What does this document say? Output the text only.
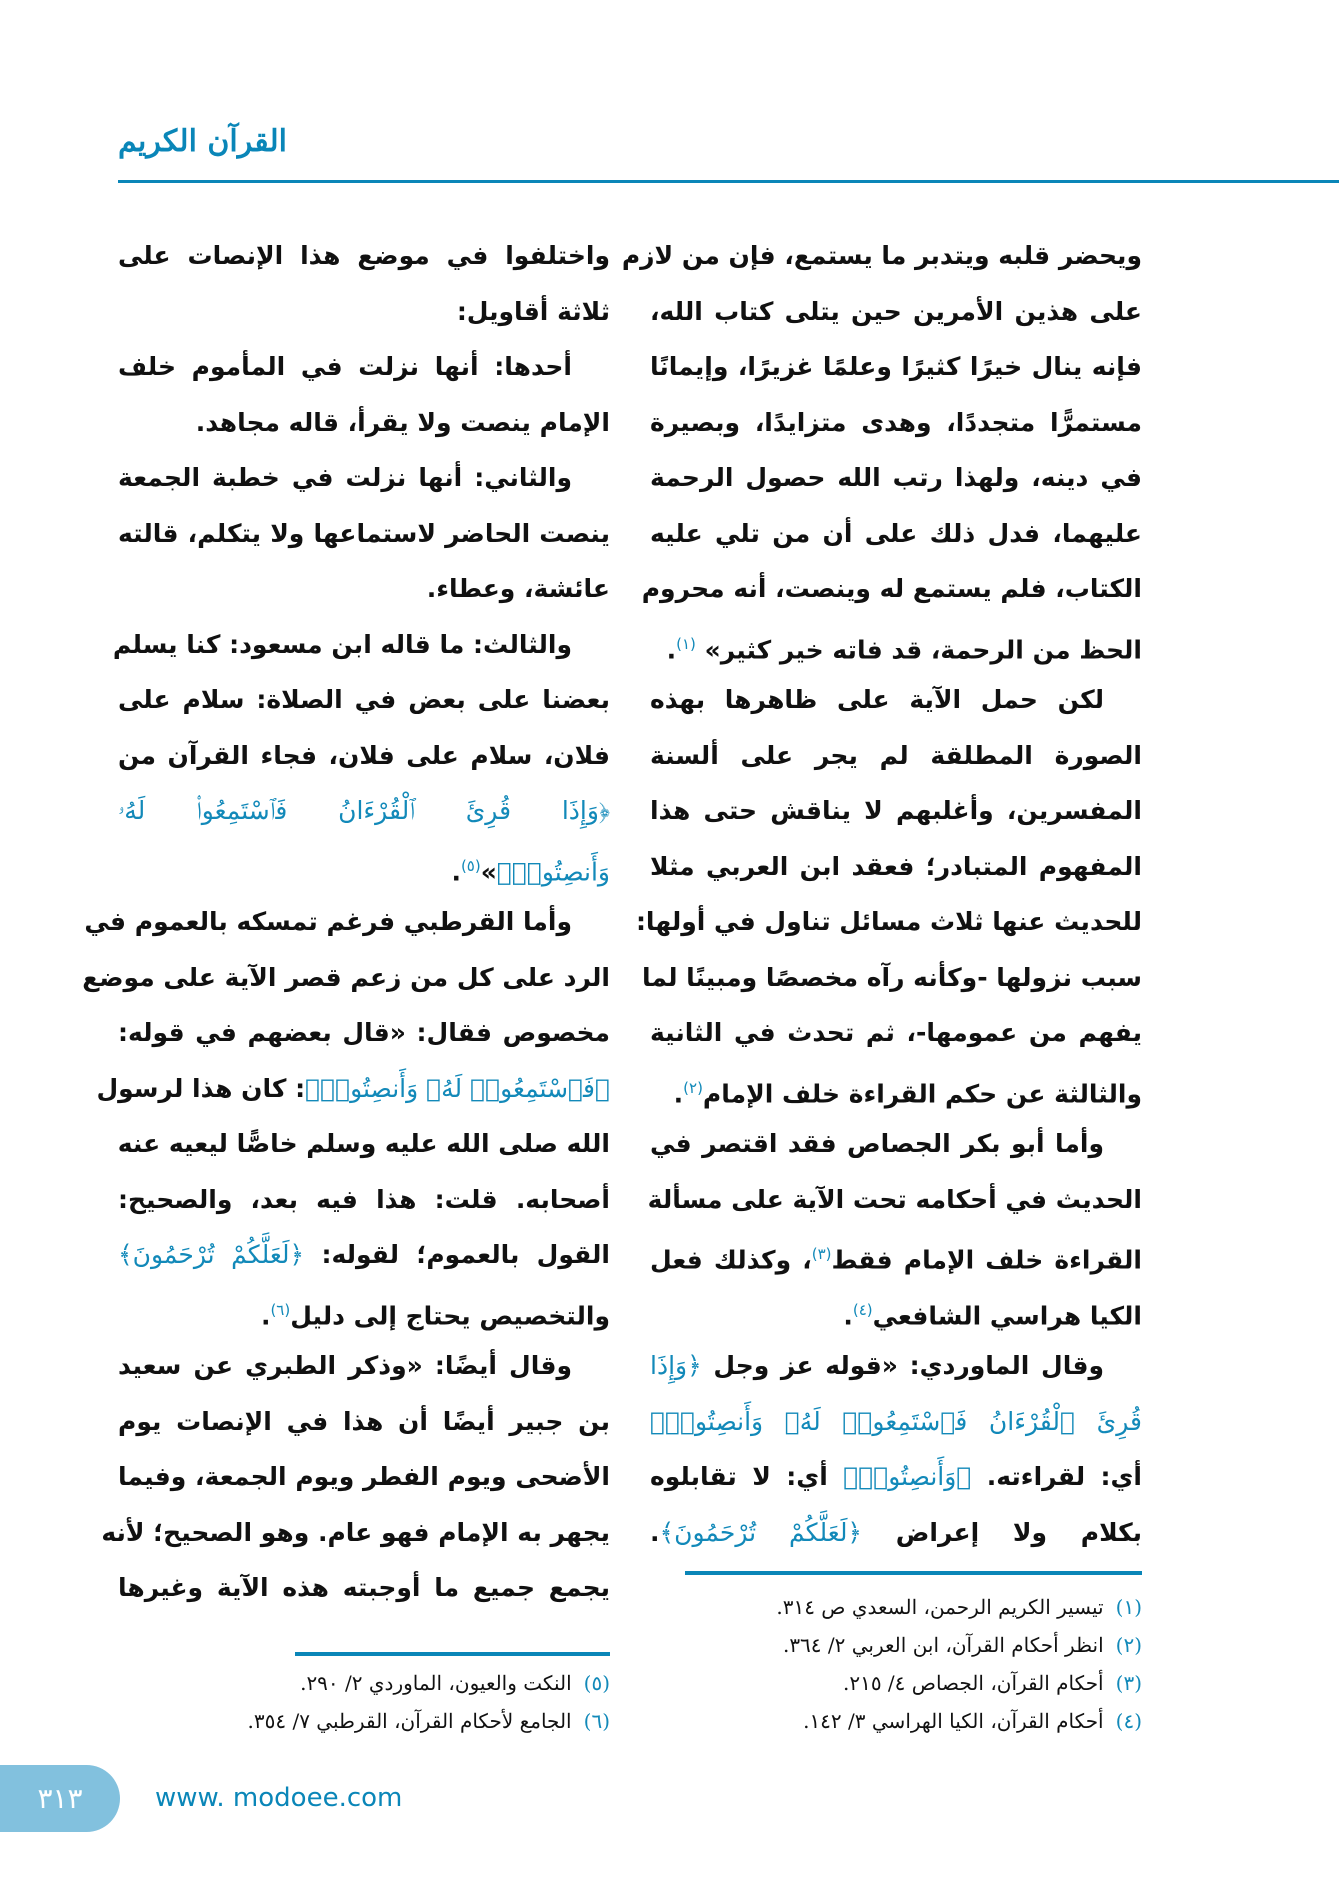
القرآن الكريم
ويحضر قلبه ويتدبر ما يستمع، فإن من لازم
على هذين الأمرين حين يتلى كتاب الله،
فإنه ينال خيرًا كثيرًا وعلمًا غزيرًا، وإيمانًا
مستمرًّا متجددًا، وهدى متزايدًا، وبصيرة
في دينه، ولهذا رتب الله حصول الرحمة
عليهما، فدل ذلك على أن من تلي عليه
الكتاب، فلم يستمع له وينصت، أنه محروم
الحظ من الرحمة، قد فاته خير كثير» $^{(١)}$.
لكن حمل الآية على ظاهرها بهذه
الصورة المطلقة لم يجر على ألسنة
المفسرين، وأغلبهم لا يناقش حتى هذا
المفهوم المتبادر؛ فعقد ابن العربي مثلا
للحديث عنها ثلاث مسائل تناول في أولها:
سبب نزولها -وكأنه رآه مخصصًا ومبينًا لما
يفهم من عمومها-، ثم تحدث في الثانية
والثالثة عن حكم القراءة خلف الإمام$^{(٢)}$.
وأما أبو بكر الجصاص فقد اقتصر في
الحديث في أحكامه تحت الآية على مسألة
القراءة خلف الإمام فقط$^{(٣)}$، وكذلك فعل
الكيا هراسي الشافعي$^{(٤)}$.
وقال الماوردي: «قوله عز وجل ﴿وَإِذَا
قُرِئَ ٱلْقُرْءَانُ فَٱسْتَمِعُوا۟ لَهُۥ وَأَنصِتُوا۟﴾
أي: لقراءته. ﴿وَأَنصِتُوا۟﴾ أي: لا تقابلوه
بكلام ولا إعراض ﴿لَعَلَّكُمْ تُرْحَمُونَ﴾.
واختلفوا في موضع هذا الإنصات على
ثلاثة أقاويل:
أحدها: أنها نزلت في المأموم خلف
الإمام ينصت ولا يقرأ، قاله مجاهد.
والثاني: أنها نزلت في خطبة الجمعة
ينصت الحاضر لاستماعها ولا يتكلم، قالته
عائشة، وعطاء.
والثالث: ما قاله ابن مسعود: كنا يسلم
بعضنا على بعض في الصلاة: سلام على
فلان، سلام على فلان، فجاء القرآن من
﴿وَإِذَا قُرِئَ ٱلْقُرْءَانُ فَٱسْتَمِعُوا۟ لَهُۥ
وَأَنصِتُوا۟﴾»$^{(٥)}$.
وأما القرطبي فرغم تمسكه بالعموم في
الرد على كل من زعم قصر الآية على موضع
مخصوص فقال: «قال بعضهم في قوله:
﴿فَٱسْتَمِعُوا۟ لَهُۥ وَأَنصِتُوا۟﴾: كان هذا لرسول
الله صلى الله عليه وسلم خاصًّا ليعيه عنه
أصحابه. قلت: هذا فيه بعد، والصحيح:
القول بالعموم؛ لقوله: ﴿لَعَلَّكُمْ تُرْحَمُونَ﴾
والتخصيص يحتاج إلى دليل$^{(٦)}$.
وقال أيضًا: «وذكر الطبري عن سعيد
بن جبير أيضًا أن هذا في الإنصات يوم
الأضحى ويوم الفطر ويوم الجمعة، وفيما
يجهر به الإمام فهو عام. وهو الصحيح؛ لأنه
يجمع جميع ما أوجبته هذه الآية وغيرها
(١)تيسير الكريم الرحمن، السعدي ص ٣١٤.
(٢)انظر أحكام القرآن، ابن العربي ٢/ ٣٦٤.
(٣)أحكام القرآن، الجصاص ٤/ ٢١٥.
(٤)أحكام القرآن، الكيا الهراسي ٣/ ١٤٢.
(٥)النكت والعيون، الماوردي ٢/ ٢٩٠.
(٦)الجامع لأحكام القرآن، القرطبي ٧/ ٣٥٤.
٣١٣	www. modoee.com
